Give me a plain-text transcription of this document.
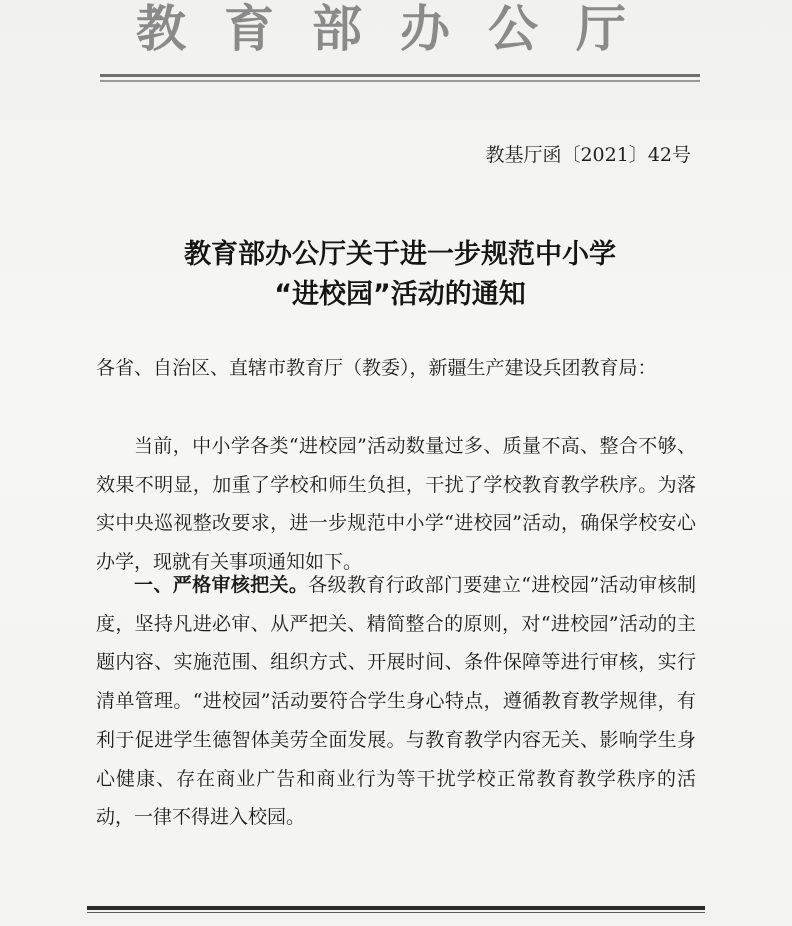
教育部办公厅
教基厅函〔2021〕42号
教育部办公厅关于进一步规范中小学
“进校园”活动的通知
各省、自治区、直辖市教育厅（教委），新疆生产建设兵团教育局：
当前，中小学各类“进校园”活动数量过多、质量不高、整合不够、效果不明显，加重了学校和师生负担，干扰了学校教育教学秩序。为落实中央巡视整改要求，进一步规范中小学“进校园”活动，确保学校安心办学，现就有关事项通知如下。
一、严格审核把关。各级教育行政部门要建立“进校园”活动审核制度，坚持凡进必审、从严把关、精简整合的原则，对“进校园”活动的主题内容、实施范围、组织方式、开展时间、条件保障等进行审核，实行清单管理。“进校园”活动要符合学生身心特点，遵循教育教学规律，有利于促进学生德智体美劳全面发展。与教育教学内容无关、影响学生身心健康、存在商业广告和商业行为等干扰学校正常教育教学秩序的活动，一律不得进入校园。
